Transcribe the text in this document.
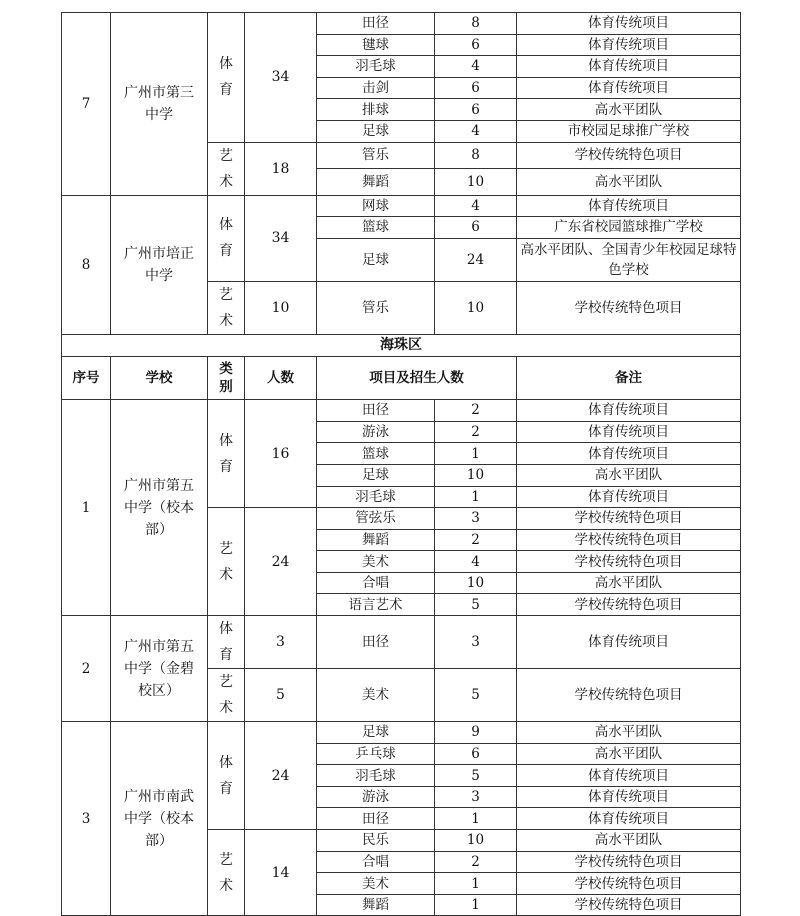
7	广州市第三中学	体育	34	田径	8	体育传统项目
				毽球	6	体育传统项目
				羽毛球	4	体育传统项目
				击剑	6	体育传统项目
				排球	6	高水平团队
				足球	4	市校园足球推广学校
		艺术	18	管乐	8	学校传统特色项目
				舞蹈	10	高水平团队
8	广州市培正中学	体育	34	网球	4	体育传统项目
				篮球	6	广东省校园篮球推广学校
				足球	24	高水平团队、全国青少年校园足球特色学校
		艺术	10	管乐	10	学校传统特色项目
海珠区						
序号	学校	类别	人数	项目及招生人数		备注
1	广州市第五中学（校本部）	体育	16	田径	2	体育传统项目
				游泳	2	体育传统项目
				篮球	1	体育传统项目
				足球	10	高水平团队
				羽毛球	1	体育传统项目
		艺术	24	管弦乐	3	学校传统特色项目
				舞蹈	2	学校传统特色项目
				美术	4	学校传统特色项目
				合唱	10	高水平团队
				语言艺术	5	学校传统特色项目
2	广州市第五中学（金碧校区）	体育	3	田径	3	体育传统项目
		艺术	5	美术	5	学校传统特色项目
3	广州市南武中学（校本部）	体育	24	足球	9	高水平团队
				乒乓球	6	高水平团队
				羽毛球	5	体育传统项目
				游泳	3	体育传统项目
				田径	1	体育传统项目
		艺术	14	民乐	10	高水平团队
				合唱	2	学校传统特色项目
				美术	1	学校传统特色项目
				舞蹈	1	学校传统特色项目
